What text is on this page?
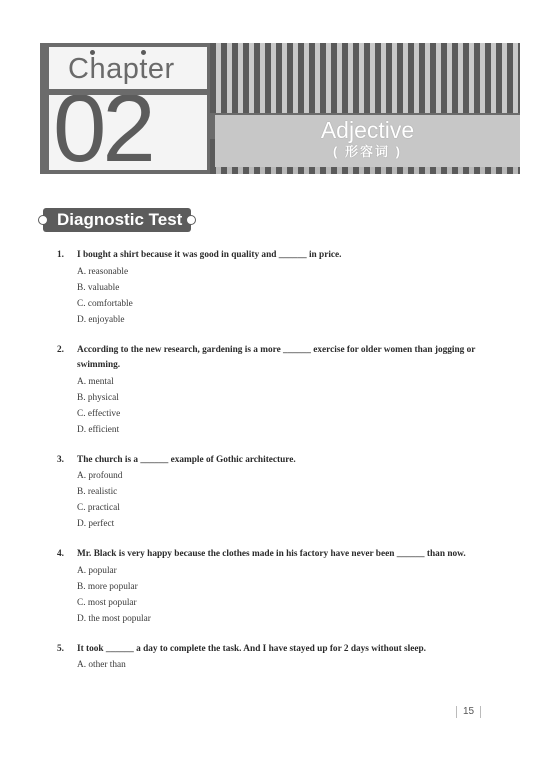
Chapter
02	Adjective
( 形容词 )
Diagnostic Test
1.	I bought a shirt because it was good in quality and ______ in price.
A. reasonable
B. valuable
C. comfortable
D. enjoyable
2.	According to the new research, gardening is a more ______ exercise for older women than jogging or swimming.
A. mental
B. physical
C. effective
D. efficient
3.	The church is a ______ example of Gothic architecture.
A. profound
B. realistic
C. practical
D. perfect
4.	Mr. Black is very happy because the clothes made in his factory have never been ______ than now.
A. popular
B. more popular
C. most popular
D. the most popular
5.	It took ______ a day to complete the task. And I have stayed up for 2 days without sleep.
A. other than
15
